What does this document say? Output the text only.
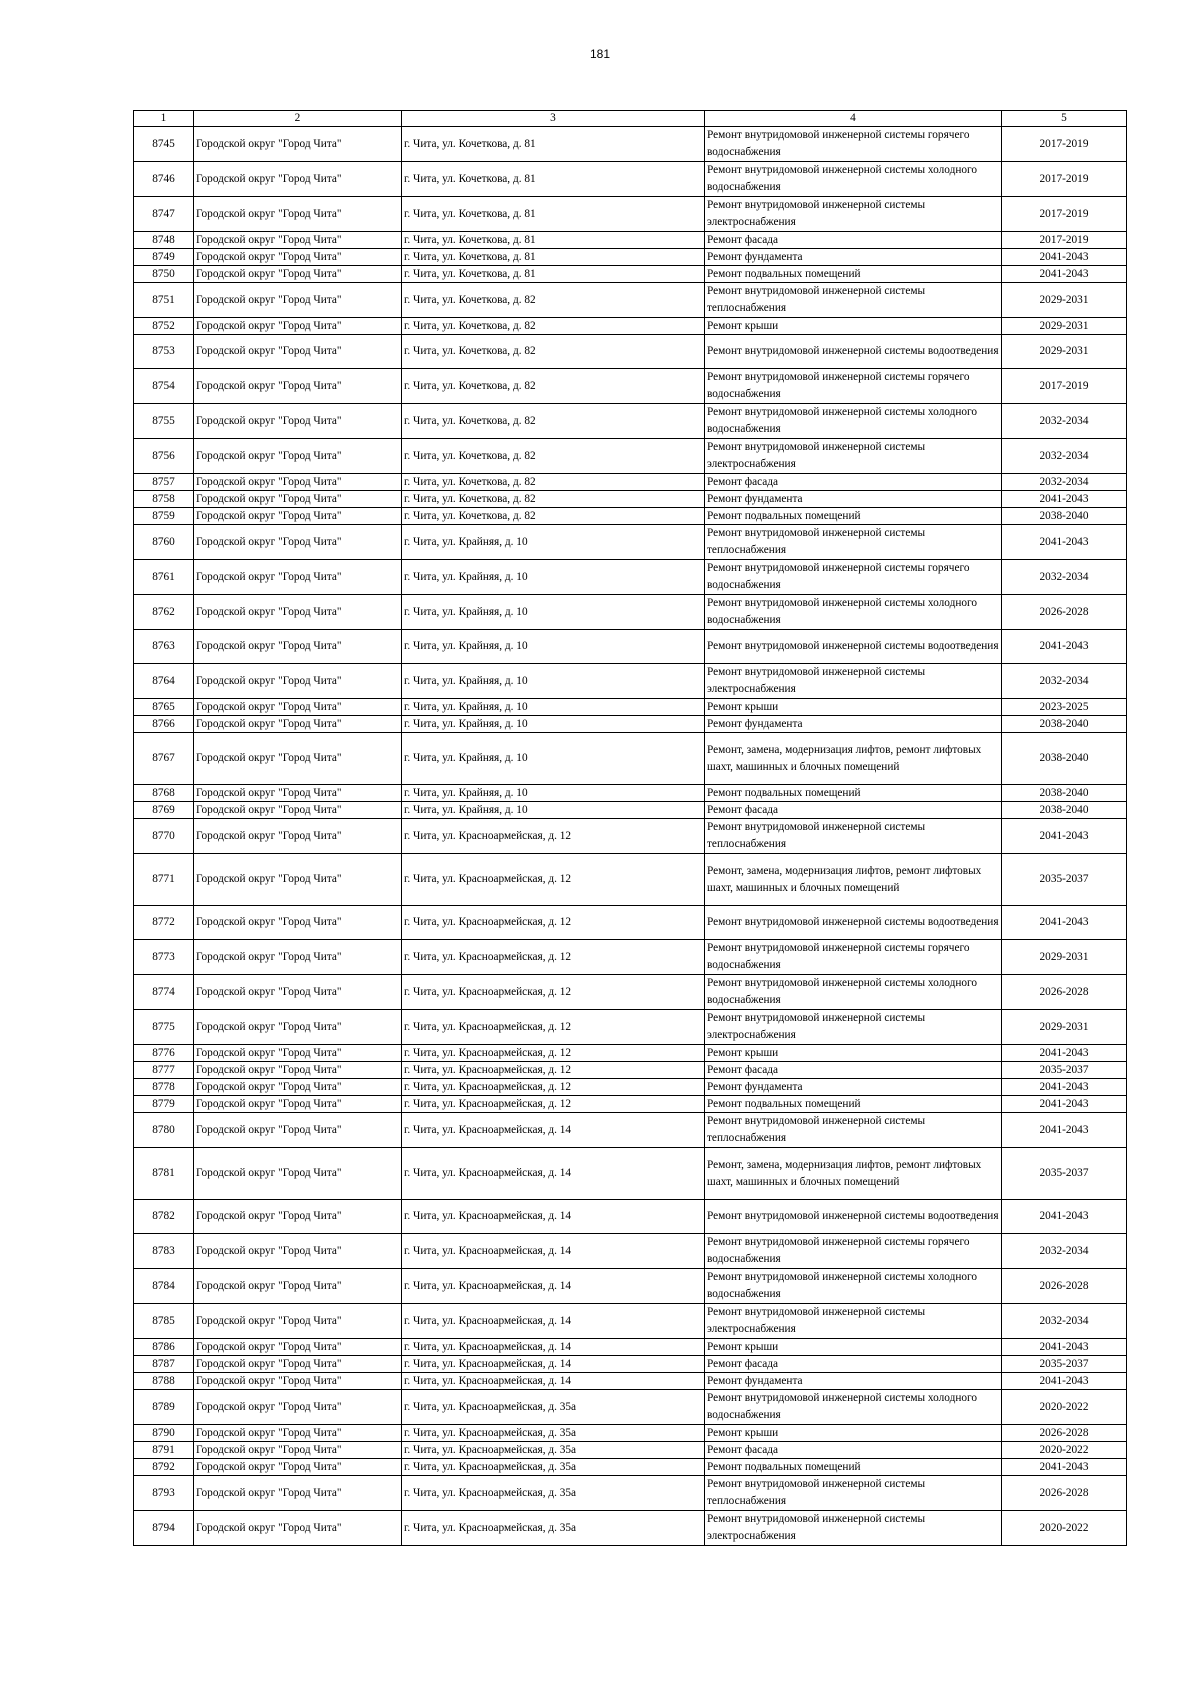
181
1	2	3	4	5
8745	Городской округ "Город Чита"	г. Чита, ул. Кочеткова, д. 81	Ремонт внутридомовой инженерной системы горячего водоснабжения	2017-2019
8746	Городской округ "Город Чита"	г. Чита, ул. Кочеткова, д. 81	Ремонт внутридомовой инженерной системы холодного водоснабжения	2017-2019
8747	Городской округ "Город Чита"	г. Чита, ул. Кочеткова, д. 81	Ремонт внутридомовой инженерной системы электроснабжения	2017-2019
8748	Городской округ "Город Чита"	г. Чита, ул. Кочеткова, д. 81	Ремонт фасада	2017-2019
8749	Городской округ "Город Чита"	г. Чита, ул. Кочеткова, д. 81	Ремонт фундамента	2041-2043
8750	Городской округ "Город Чита"	г. Чита, ул. Кочеткова, д. 81	Ремонт подвальных помещений	2041-2043
8751	Городской округ "Город Чита"	г. Чита, ул. Кочеткова, д. 82	Ремонт внутридомовой инженерной системы теплоснабжения	2029-2031
8752	Городской округ "Город Чита"	г. Чита, ул. Кочеткова, д. 82	Ремонт крыши	2029-2031
8753	Городской округ "Город Чита"	г. Чита, ул. Кочеткова, д. 82	Ремонт внутридомовой инженерной системы водоотведения	2029-2031
8754	Городской округ "Город Чита"	г. Чита, ул. Кочеткова, д. 82	Ремонт внутридомовой инженерной системы горячего водоснабжения	2017-2019
8755	Городской округ "Город Чита"	г. Чита, ул. Кочеткова, д. 82	Ремонт внутридомовой инженерной системы холодного водоснабжения	2032-2034
8756	Городской округ "Город Чита"	г. Чита, ул. Кочеткова, д. 82	Ремонт внутридомовой инженерной системы электроснабжения	2032-2034
8757	Городской округ "Город Чита"	г. Чита, ул. Кочеткова, д. 82	Ремонт фасада	2032-2034
8758	Городской округ "Город Чита"	г. Чита, ул. Кочеткова, д. 82	Ремонт фундамента	2041-2043
8759	Городской округ "Город Чита"	г. Чита, ул. Кочеткова, д. 82	Ремонт подвальных помещений	2038-2040
8760	Городской округ "Город Чита"	г. Чита, ул. Крайняя, д. 10	Ремонт внутридомовой инженерной системы теплоснабжения	2041-2043
8761	Городской округ "Город Чита"	г. Чита, ул. Крайняя, д. 10	Ремонт внутридомовой инженерной системы горячего водоснабжения	2032-2034
8762	Городской округ "Город Чита"	г. Чита, ул. Крайняя, д. 10	Ремонт внутридомовой инженерной системы холодного водоснабжения	2026-2028
8763	Городской округ "Город Чита"	г. Чита, ул. Крайняя, д. 10	Ремонт внутридомовой инженерной системы водоотведения	2041-2043
8764	Городской округ "Город Чита"	г. Чита, ул. Крайняя, д. 10	Ремонт внутридомовой инженерной системы электроснабжения	2032-2034
8765	Городской округ "Город Чита"	г. Чита, ул. Крайняя, д. 10	Ремонт крыши	2023-2025
8766	Городской округ "Город Чита"	г. Чита, ул. Крайняя, д. 10	Ремонт фундамента	2038-2040
8767	Городской округ "Город Чита"	г. Чита, ул. Крайняя, д. 10	Ремонт, замена, модернизация лифтов, ремонт лифтовых шахт, машинных и блочных помещений	2038-2040
8768	Городской округ "Город Чита"	г. Чита, ул. Крайняя, д. 10	Ремонт подвальных помещений	2038-2040
8769	Городской округ "Город Чита"	г. Чита, ул. Крайняя, д. 10	Ремонт фасада	2038-2040
8770	Городской округ "Город Чита"	г. Чита, ул. Красноармейская, д. 12	Ремонт внутридомовой инженерной системы теплоснабжения	2041-2043
8771	Городской округ "Город Чита"	г. Чита, ул. Красноармейская, д. 12	Ремонт, замена, модернизация лифтов, ремонт лифтовых шахт, машинных и блочных помещений	2035-2037
8772	Городской округ "Город Чита"	г. Чита, ул. Красноармейская, д. 12	Ремонт внутридомовой инженерной системы водоотведения	2041-2043
8773	Городской округ "Город Чита"	г. Чита, ул. Красноармейская, д. 12	Ремонт внутридомовой инженерной системы горячего водоснабжения	2029-2031
8774	Городской округ "Город Чита"	г. Чита, ул. Красноармейская, д. 12	Ремонт внутридомовой инженерной системы холодного водоснабжения	2026-2028
8775	Городской округ "Город Чита"	г. Чита, ул. Красноармейская, д. 12	Ремонт внутридомовой инженерной системы электроснабжения	2029-2031
8776	Городской округ "Город Чита"	г. Чита, ул. Красноармейская, д. 12	Ремонт крыши	2041-2043
8777	Городской округ "Город Чита"	г. Чита, ул. Красноармейская, д. 12	Ремонт фасада	2035-2037
8778	Городской округ "Город Чита"	г. Чита, ул. Красноармейская, д. 12	Ремонт фундамента	2041-2043
8779	Городской округ "Город Чита"	г. Чита, ул. Красноармейская, д. 12	Ремонт подвальных помещений	2041-2043
8780	Городской округ "Город Чита"	г. Чита, ул. Красноармейская, д. 14	Ремонт внутридомовой инженерной системы теплоснабжения	2041-2043
8781	Городской округ "Город Чита"	г. Чита, ул. Красноармейская, д. 14	Ремонт, замена, модернизация лифтов, ремонт лифтовых шахт, машинных и блочных помещений	2035-2037
8782	Городской округ "Город Чита"	г. Чита, ул. Красноармейская, д. 14	Ремонт внутридомовой инженерной системы водоотведения	2041-2043
8783	Городской округ "Город Чита"	г. Чита, ул. Красноармейская, д. 14	Ремонт внутридомовой инженерной системы горячего водоснабжения	2032-2034
8784	Городской округ "Город Чита"	г. Чита, ул. Красноармейская, д. 14	Ремонт внутридомовой инженерной системы холодного водоснабжения	2026-2028
8785	Городской округ "Город Чита"	г. Чита, ул. Красноармейская, д. 14	Ремонт внутридомовой инженерной системы электроснабжения	2032-2034
8786	Городской округ "Город Чита"	г. Чита, ул. Красноармейская, д. 14	Ремонт крыши	2041-2043
8787	Городской округ "Город Чита"	г. Чита, ул. Красноармейская, д. 14	Ремонт фасада	2035-2037
8788	Городской округ "Город Чита"	г. Чита, ул. Красноармейская, д. 14	Ремонт фундамента	2041-2043
8789	Городской округ "Город Чита"	г. Чита, ул. Красноармейская, д. 35а	Ремонт внутридомовой инженерной системы холодного водоснабжения	2020-2022
8790	Городской округ "Город Чита"	г. Чита, ул. Красноармейская, д. 35а	Ремонт крыши	2026-2028
8791	Городской округ "Город Чита"	г. Чита, ул. Красноармейская, д. 35а	Ремонт фасада	2020-2022
8792	Городской округ "Город Чита"	г. Чита, ул. Красноармейская, д. 35а	Ремонт подвальных помещений	2041-2043
8793	Городской округ "Город Чита"	г. Чита, ул. Красноармейская, д. 35а	Ремонт внутридомовой инженерной системы теплоснабжения	2026-2028
8794	Городской округ "Город Чита"	г. Чита, ул. Красноармейская, д. 35а	Ремонт внутридомовой инженерной системы электроснабжения	2020-2022
